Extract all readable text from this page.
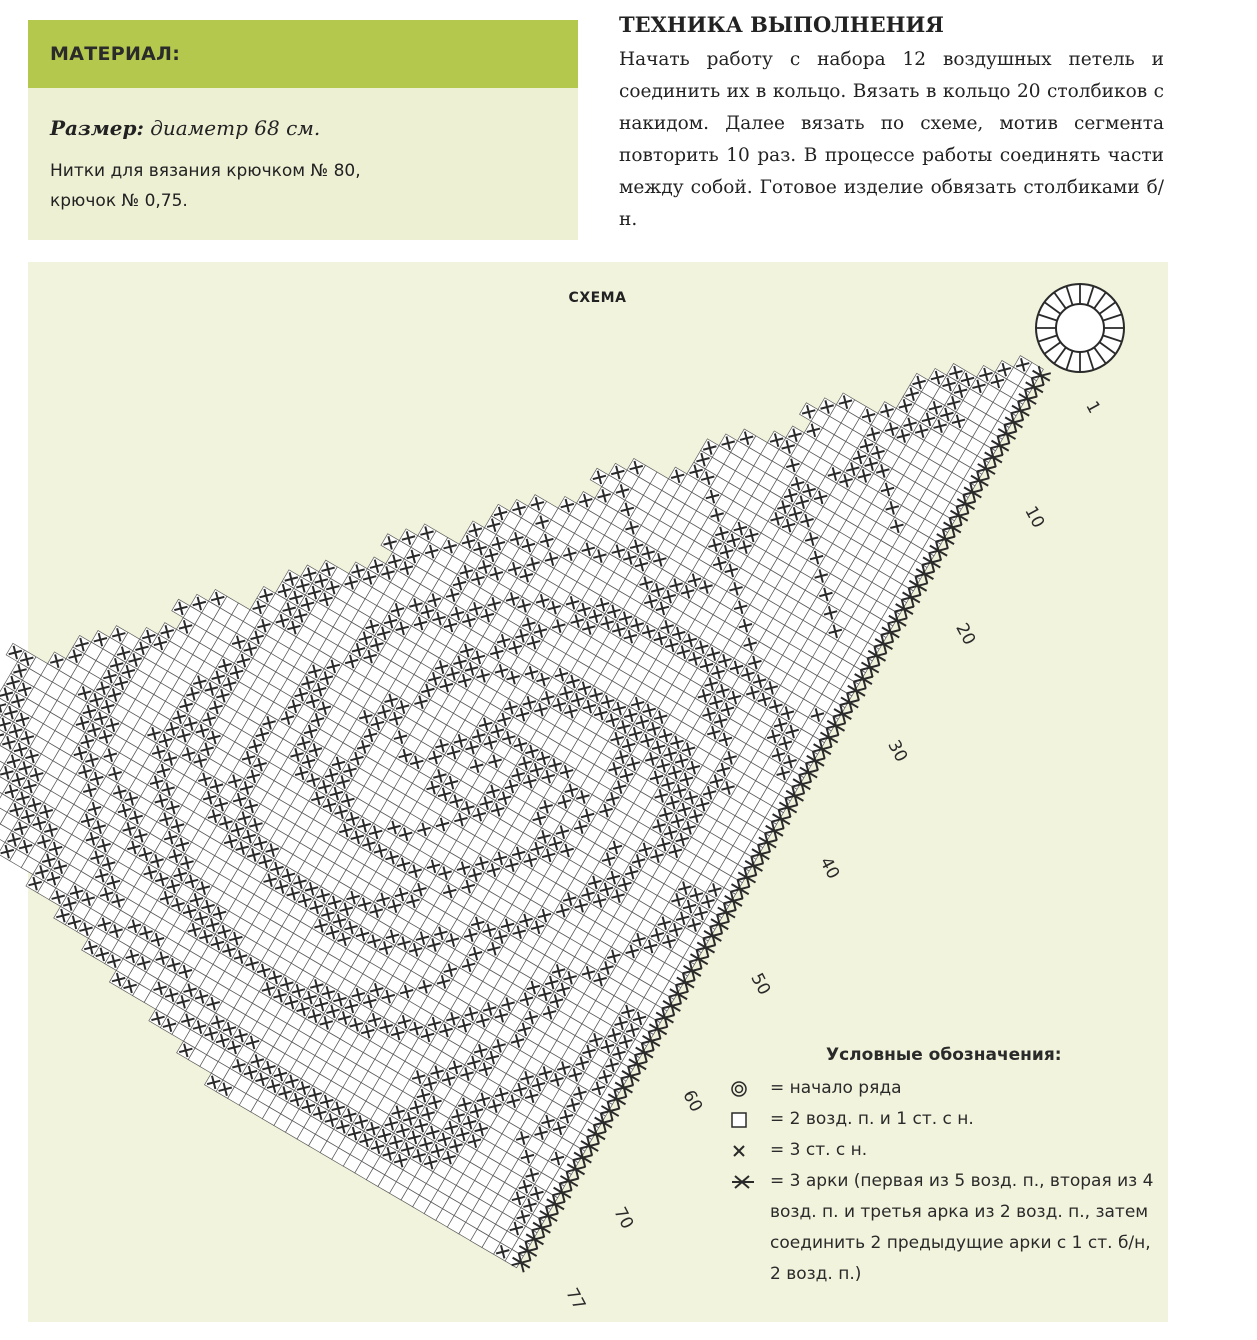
МАТЕРИАЛ:
Размер: диаметр 68 см.
Нитки для вязания крючком № 80, крючок № 0,75.
ТЕХНИКА ВЫПОЛНЕНИЯ
Начать работу с набора 12 воздушных петель и соединить их в кольцо. Вязать в кольцо 20 столбиков с накидом. Далее вязать по схеме, мотив сегмента повторить 10 раз. В процессе работы соединять части между собой. Готовое изделие обвязать столбиками б/н.
СХЕМА
1
10
20
30
40
50
60
70
77
Условные обозначения:
= начало ряда
= 2 возд. п. и 1 ст. с н.
= 3 ст. с н.
= 3 арки (первая из 5 возд. п., вторая из 4 возд. п. и третья арка из 2 возд. п., затем соединить 2 предыдущие арки с 1 ст. б/н, 2 возд. п.)
